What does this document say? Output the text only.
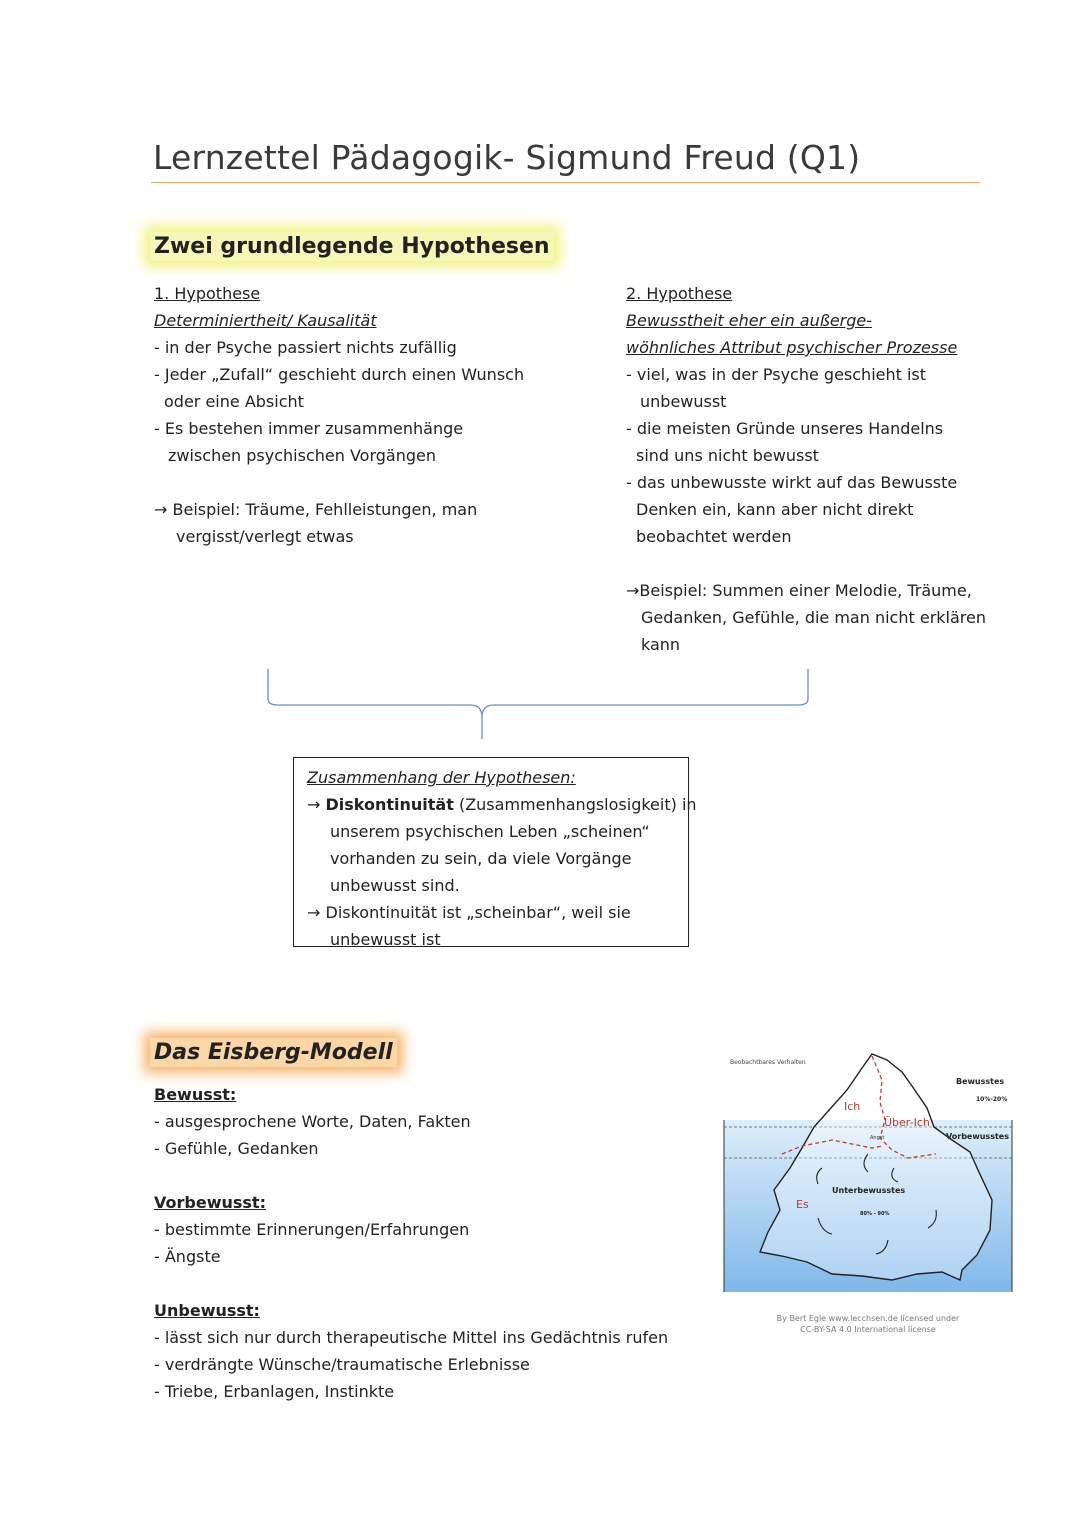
Lernzettel Pädagogik- Sigmund Freud (Q1)
Zwei grundlegende Hypothesen
1. Hypothese
Determiniertheit/ Kausalität
- in der Psyche passiert nichts zufällig
- Jeder „Zufall“ geschieht durch einen Wunsch
oder eine Absicht
- Es bestehen immer zusammenhänge
zwischen psychischen Vorgängen
→ Beispiel: Träume, Fehlleistungen, man
vergisst/verlegt etwas
2. Hypothese
Bewusstheit eher ein außerge-
wöhnliches Attribut psychischer Prozesse
- viel, was in der Psyche geschieht ist
unbewusst
- die meisten Gründe unseres Handelns
sind uns nicht bewusst
- das unbewusste wirkt auf das Bewusste
Denken ein, kann aber nicht direkt
beobachtet werden
→Beispiel: Summen einer Melodie, Träume,
Gedanken, Gefühle, die man nicht erklären
kann
Zusammenhang der Hypothesen:
→ Diskontinuität (Zusammenhangslosigkeit) in
unserem psychischen Leben „scheinen“
vorhanden zu sein, da viele Vorgänge
unbewusst sind.
→ Diskontinuität ist „scheinbar“, weil sie
unbewusst ist
Das Eisberg-Modell
Bewusst:
- ausgesprochene Worte, Daten, Fakten
- Gefühle, Gedanken
Vorbewusst:
- bestimmte Erinnerungen/Erfahrungen
- Ängste
Unbewusst:
- lässt sich nur durch therapeutische Mittel ins Gedächtnis rufen
- verdrängte Wünsche/traumatische Erlebnisse
- Triebe, Erbanlagen, Instinkte
Beobachtbares Verhalten
Bewusstes
10%-20%
Ich
Über-Ich
Angst	Vorbewusstes
Unterbewusstes
80% - 90%
Es
By Bert Egle www.lecchsen.de licensed under
CC-BY-SA 4.0 International license
